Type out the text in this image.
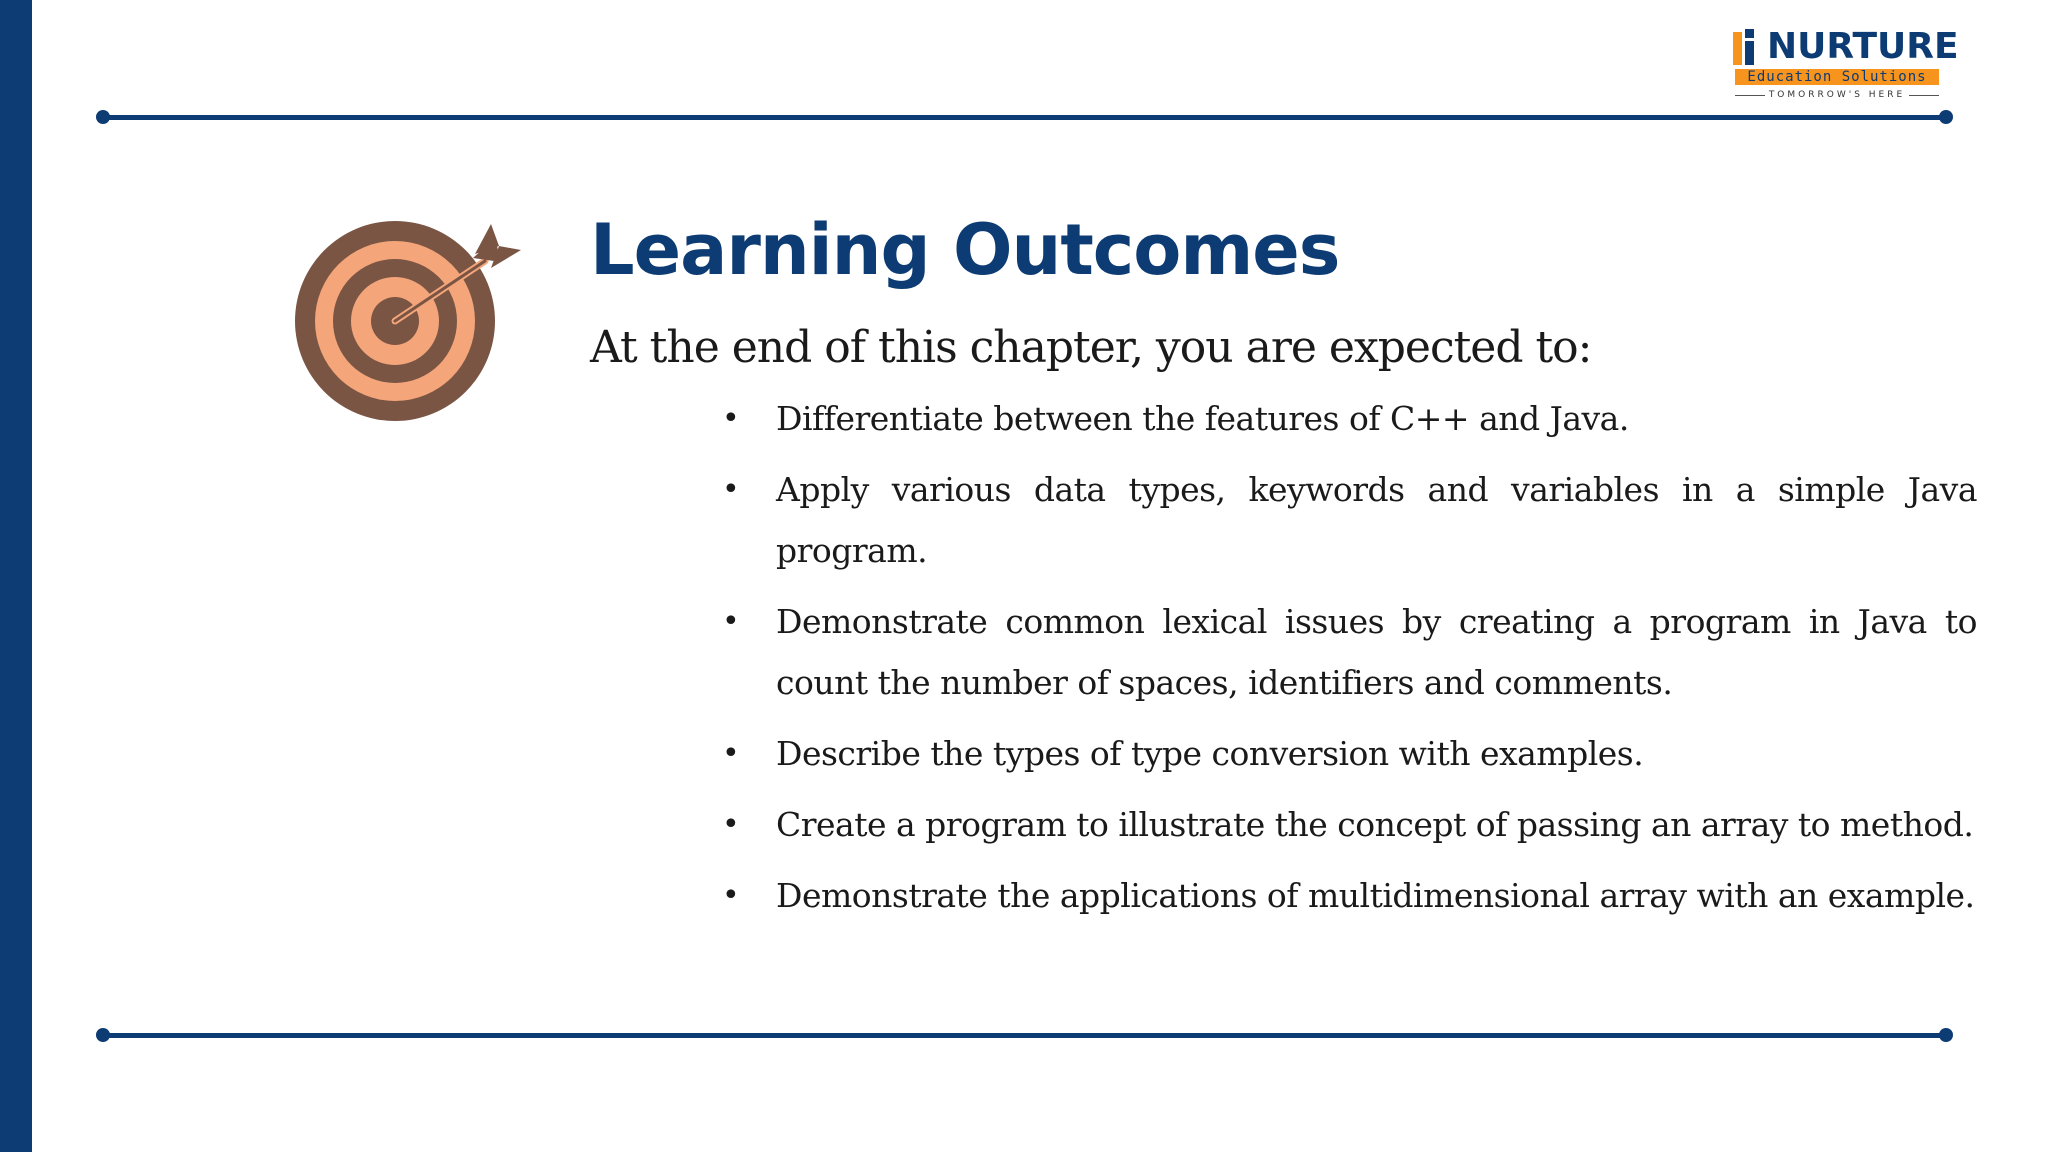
NURTURE
Education Solutions
TOMORROW'S HERE
Learning Outcomes

At the end of this chapter, you are expected to:

•	Differentiate between the features of C++ and Java.
•	Apply various data types, keywords and variables in a simple Java program.
•	Demonstrate common lexical issues by creating a program in Java to count the number of spaces, identifiers and comments.
•	Describe the types of type conversion with examples.
•	Create a program to illustrate the concept of passing an array to method.
•	Demonstrate the applications of multidimensional array with an example.
